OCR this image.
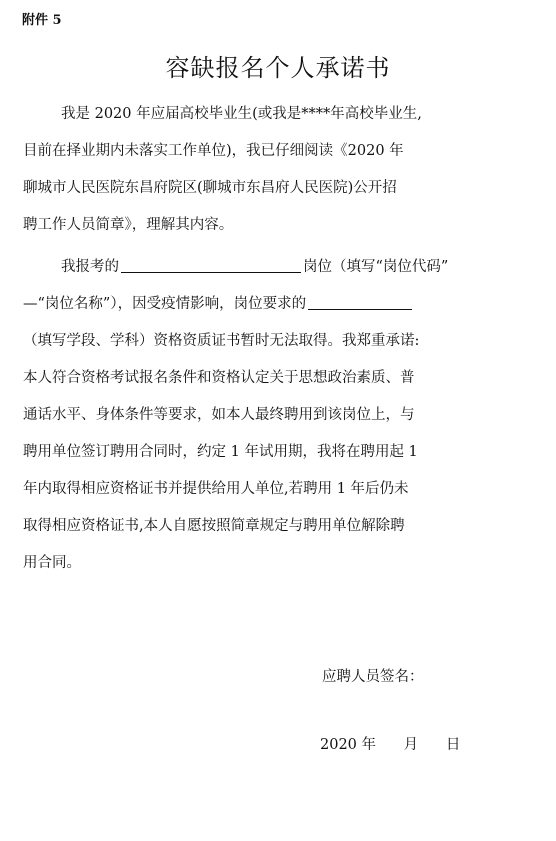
附件 5
容缺报名个人承诺书
我是 2020 年应届高校毕业生(或我是****年高校毕业生,
目前在择业期内未落实工作单位)，我已仔细阅读《2020 年
聊城市人民医院东昌府院区(聊城市东昌府人民医院)公开招
聘工作人员简章》，理解其内容。
我报考的	岗位（填写“岗位代码”
—“岗位名称”），因受疫情影响，岗位要求的
（填写学段、学科）资格资质证书暂时无法取得。我郑重承诺:
本人符合资格考试报名条件和资格认定关于思想政治素质、普
通话水平、身体条件等要求，如本人最终聘用到该岗位上，与
聘用单位签订聘用合同时，约定 1 年试用期，我将在聘用起 1
年内取得相应资格证书并提供给用人单位,若聘用 1 年后仍未
取得相应资格证书,本人自愿按照简章规定与聘用单位解除聘
用合同。
应聘人员签名：
2020 年 月 日
